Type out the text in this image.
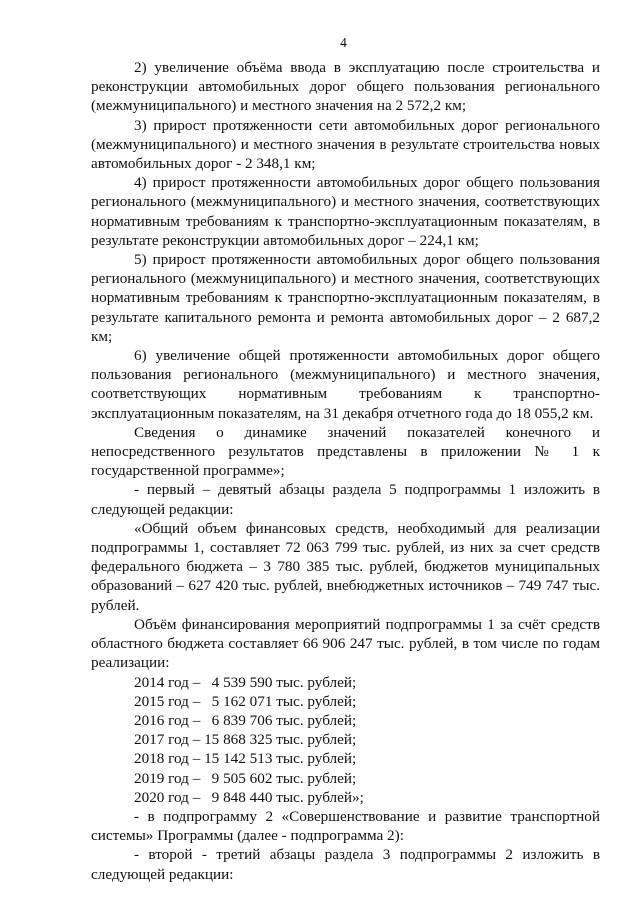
4

2) увеличение объёма ввода в эксплуатацию после строительства и реконструкции автомобильных дорог общего пользования регионального (межмуниципального) и местного значения на 2 572,2 км;

3) прирост протяженности сети автомобильных дорог регионального (межмуниципального) и местного значения в результате строительства новых автомобильных дорог - 2 348,1 км;

4) прирост протяженности автомобильных дорог общего пользования регионального (межмуниципального) и местного значения, соответствующих нормативным требованиям к транспортно-эксплуатационным показателям, в результате реконструкции автомобильных дорог – 224,1 км;

5) прирост протяженности автомобильных дорог общего пользования регионального (межмуниципального) и местного значения, соответствующих нормативным требованиям к транспортно-эксплуатационным показателям, в результате капитального ремонта и ремонта автомобильных дорог – 2 687,2 км;

6) увеличение общей протяженности автомобильных дорог общего пользования регионального (межмуниципального) и местного значения, соответствующих нормативным требованиям к транспортно-эксплуатационным показателям, на 31 декабря отчетного года до 18 055,2 км.

Сведения о динамике значений показателей конечного и непосредственного результатов представлены в приложении № 1 к государственной программе»;

- первый – девятый абзацы раздела 5 подпрограммы 1 изложить в следующей редакции:

«Общий объем финансовых средств, необходимый для реализации подпрограммы 1, составляет 72 063 799 тыс. рублей, из них за счет средств федерального бюджета – 3 780 385 тыс. рублей, бюджетов муниципальных образований – 627 420 тыс. рублей, внебюджетных источников – 749 747 тыс. рублей.

Объём финансирования мероприятий подпрограммы 1 за счёт средств областного бюджета составляет 66 906 247 тыс. рублей, в том числе по годам реализации:

2014 год –   4 539 590 тыс. рублей;
2015 год –   5 162 071 тыс. рублей;
2016 год –   6 839 706 тыс. рублей;
2017 год – 15 868 325 тыс. рублей;
2018 год – 15 142 513 тыс. рублей;
2019 год –   9 505 602 тыс. рублей;
2020 год –   9 848 440 тыс. рублей»;

- в подпрограмму 2 «Совершенствование и развитие транспортной системы» Программы (далее - подпрограмма 2):

- второй - третий абзацы раздела 3 подпрограммы 2 изложить в следующей редакции:
